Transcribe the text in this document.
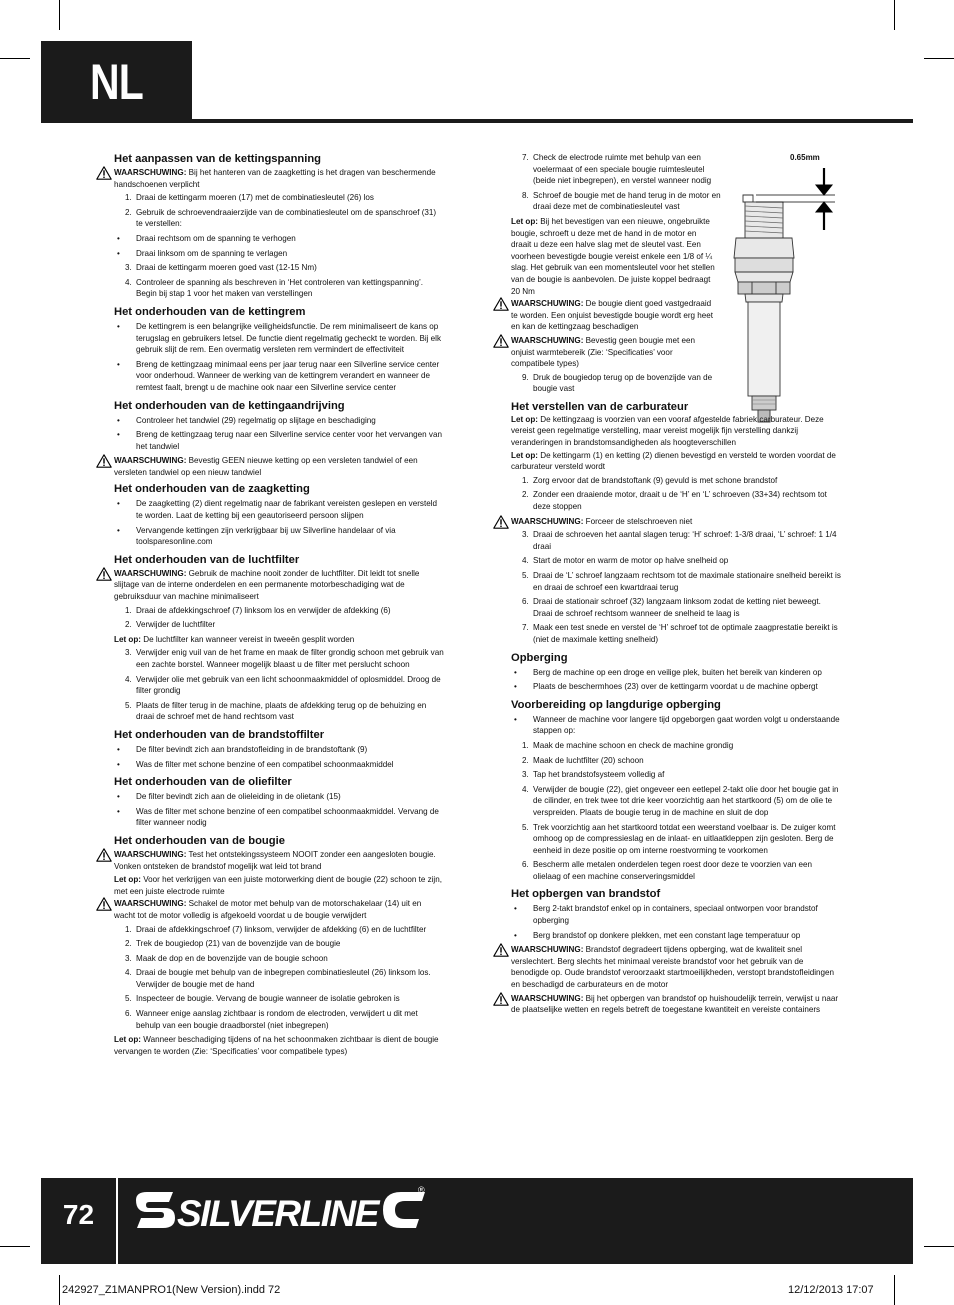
NL
Het aanpassen van de kettingspanning

WAARSCHUWING: Bij het hanteren van de zaagketting is het dragen van beschermende handschoenen verplicht

1. Draai de kettingarm moeren (17) met de combinatiesleutel (26) los
2. Gebruik de schroevendraaierzijde van de combinatiesleutel om de spanschroef (31) te verstellen:
• Draai rechtsom om de spanning te verhogen
• Draai linksom om de spanning te verlagen
3. Draai de kettingarm moeren goed vast (12-15 Nm)
4. Controleer de spanning als beschreven in ‘Het controleren van kettingspanning’. Begin bij stap 1 voor het maken van verstellingen
Het onderhouden van de kettingrem
• De kettingrem is een belangrijke veiligheidsfunctie. De rem minimaliseert de kans op terugslag en gebruikers letsel. De functie dient regelmatig gecheckt te worden. Bij elk gebruik slijt de rem. Een overmatig versleten rem vermindert de effectiviteit
• Breng de kettingzaag minimaal eens per jaar terug naar een Silverline service center voor onderhoud. Wanneer de werking van de kettingrem verandert en wanneer de remtest faalt, brengt u de machine ook naar een Silverline service center
Het onderhouden van de kettingaandrijving
• Controleer het tandwiel (29) regelmatig op slijtage en beschadiging
• Breng de kettingzaag terug naar een Silverline service center voor het vervangen van het tandwiel

WAARSCHUWING: Bevestig GEEN nieuwe ketting op een versleten tandwiel of een versleten tandwiel op een nieuw tandwiel

Het onderhouden van de zaagketting
• De zaagketting (2) dient regelmatig naar de fabrikant vereisten geslepen en versteld te worden. Laat de ketting bij een geautoriseerd persoon slijpen
• Vervangende kettingen zijn verkrijgbaar bij uw Silverline handelaar of via toolsparesonline.com
Het onderhouden van de luchtfilter

WAARSCHUWING: Gebruik de machine nooit zonder de luchtfilter. Dit leidt tot snelle slijtage van de interne onderdelen en een permanente motorbeschadiging wat de gebruiksduur van machine minimaliseert

1. Draai de afdekkingschroef (7) linksom los en verwijder de afdekking (6)
2. Verwijder de luchtfilter

Let op: De luchtfilter kan wanneer vereist in tweeën gesplit worden

3. Verwijder enig vuil van de het frame en maak de filter grondig schoon met gebruik van een zachte borstel. Wanneer mogelijk blaast u de filter met perslucht schoon
4. Verwijder olie met gebruik van een licht schoonmaakmiddel of oplosmiddel. Droog de filter grondig
5. Plaats de filter terug in de machine, plaats de afdekking terug op de behuizing en draai de schroef met de hand rechtsom vast
Het onderhouden van de brandstoffilter
• De filter bevindt zich aan brandstofleiding in de brandstoftank (9)
• Was de filter met schone benzine of een compatibel schoonmaakmiddel
Het onderhouden van de oliefilter
• De filter bevindt zich aan de olieleiding in de olietank (15)
• Was de filter met schone benzine of een compatibel schoonmaakmiddel. Vervang de filter wanneer nodig
Het onderhouden van de bougie

WAARSCHUWING: Test het ontstekingssysteem NOOIT zonder een aangesloten bougie. Vonken ontsteken de brandstof mogelijk wat leid tot brand

Let op: Voor het verkrijgen van een juiste motorwerking dient de bougie (22) schoon te zijn, met een juiste electrode ruimte

WAARSCHUWING: Schakel de motor met behulp van de motorschakelaar (14) uit en wacht tot de motor volledig is afgekoeld voordat u de bougie verwijdert

1. Draai de afdekkingschroef (7) linksom, verwijder de afdekking (6) en de luchtfilter
2. Trek de bougiedop (21) van de bovenzijde van de bougie
3. Maak de dop en de bovenzijde van de bougie schoon
4. Draai de bougie met behulp van de inbegrepen combinatiesleutel (26) linksom los. Verwijder de bougie met de hand
5. Inspecteer de bougie. Vervang de bougie wanneer de isolatie gebroken is
6. Wanneer enige aanslag zichtbaar is rondom de electroden, verwijdert u dit met behulp van een bougie draadborstel (niet inbegrepen)

Let op: Wanneer beschadiging tijdens of na het schoonmaken zichtbaar is dient de bougie vervangen te worden (Zie: ‘Specificaties’ voor compatibele types)

0.65mm
7. Check de electrode ruimte met behulp van een voelermaat of een speciale bougie ruimtesleutel (beide niet inbegrepen), en verstel wanneer nodig
8. Schroef de bougie met de hand terug in de motor en draai deze met de combinatiesleutel vast

Let op: Bij het bevestigen van een nieuwe, ongebruikte bougie, schroeft u deze met de hand in de motor en draait u deze een halve slag met de sleutel vast. Een voorheen bevestigde bougie vereist enkele een 1/8 of ¼ slag. Het gebruik van een momentsleutel voor het stellen van de bougie is aanbevolen. De juiste koppel bedraagt 20 Nm

WAARSCHUWING: De bougie dient goed vastgedraaid te worden. Een onjuist bevestigde bougie wordt erg heet en kan de kettingzaag beschadigen

WAARSCHUWING: Bevestig geen bougie met een onjuist warmtebereik (Zie: ‘Specificaties’ voor compatibele types)

9. Druk de bougiedop terug op de bovenzijde van de bougie vast
Het verstellen van de carburateur

Let op: De kettingzaag is voorzien van een vooraf afgestelde fabriek carburateur. Deze vereist geen regelmatige verstelling, maar vereist mogelijk fijn verstelling dankzij veranderingen in brandstomsandigheden als hoogteverschillen

Let op: De kettingarm (1) en ketting (2) dienen bevestigd en versteld te worden voordat de carburateur versteld wordt

1. Zorg ervoor dat de brandstoftank (9) gevuld is met schone brandstof
2. Zonder een draaiende motor, draait u de ‘H’ en ‘L’ schroeven (33+34) rechtsom tot deze stoppen

WAARSCHUWING: Forceer de stelschroeven niet

3. Draai de schroeven het aantal slagen terug: ‘H’ schroef: 1-3/8 draai, ‘L’ schroef: 1 1/4 draai
4. Start de motor en warm de motor op halve snelheid op
5. Draai de ‘L’ schroef langzaam rechtsom tot de maximale stationaire snelheid bereikt is en draai de schroef een kwartdraai terug
6. Draai de stationair schroef (32) langzaam linksom zodat de ketting niet beweegt. Draai de schroef rechtsom wanneer de snelheid te laag is
7. Maak een test snede en verstel de ‘H’ schroef tot de optimale zaagprestatie bereikt is (niet de maximale ketting snelheid)
Opberging
• Berg de machine op een droge en veilige plek, buiten het bereik van kinderen op
• Plaats de beschermhoes (23) over de kettingarm voordat u de machine opbergt
Voorbereiding op langdurige opberging
• Wanneer de machine voor langere tijd opgeborgen gaat worden volgt u onderstaande stappen op:
1. Maak de machine schoon en check de machine grondig
2. Maak de luchtfilter (20) schoon
3. Tap het brandstofsysteem volledig af
4. Verwijder de bougie (22), giet ongeveer een eetlepel 2-takt olie door het bougie gat in de cilinder, en trek twee tot drie keer voorzichtig aan het startkoord (5) om de olie te verspreiden. Plaats de bougie terug in de machine en sluit de dop
5. Trek voorzichtig aan het startkoord totdat een weerstand voelbaar is. De zuiger komt omhoog op de compressieslag en de inlaat- en uitlaatkleppen zijn gesloten. Berg de eenheid in deze positie op om interne roestvorming te voorkomen
6. Bescherm alle metalen onderdelen tegen roest door deze te voorzien van een olielaag of een machine conserveringsmiddel
Het opbergen van brandstof
• Berg 2-takt brandstof enkel op in containers, speciaal ontworpen voor brandstof opberging
• Berg brandstof op donkere plekken, met een constant lage temperatuur op

WAARSCHUWING: Brandstof degradeert tijdens opberging, wat de kwaliteit snel verslechtert. Berg slechts het minimaal vereiste brandstof voor het gebruik van de benodigde op. Oude brandstof veroorzaakt startmoeilijkheden, verstopt brandstofleidingen en beschadigd de carburateurs en de motor

WAARSCHUWING: Bij het opbergen van brandstof op huishoudelijk terrein, verwijst u naar de plaatselijke wetten en regels betreft de toegestane kwantiteit en vereiste containers

72	SILVERLINE
®
242927_Z1MANPRO1(New Version).indd 72	12/12/2013 17:07
